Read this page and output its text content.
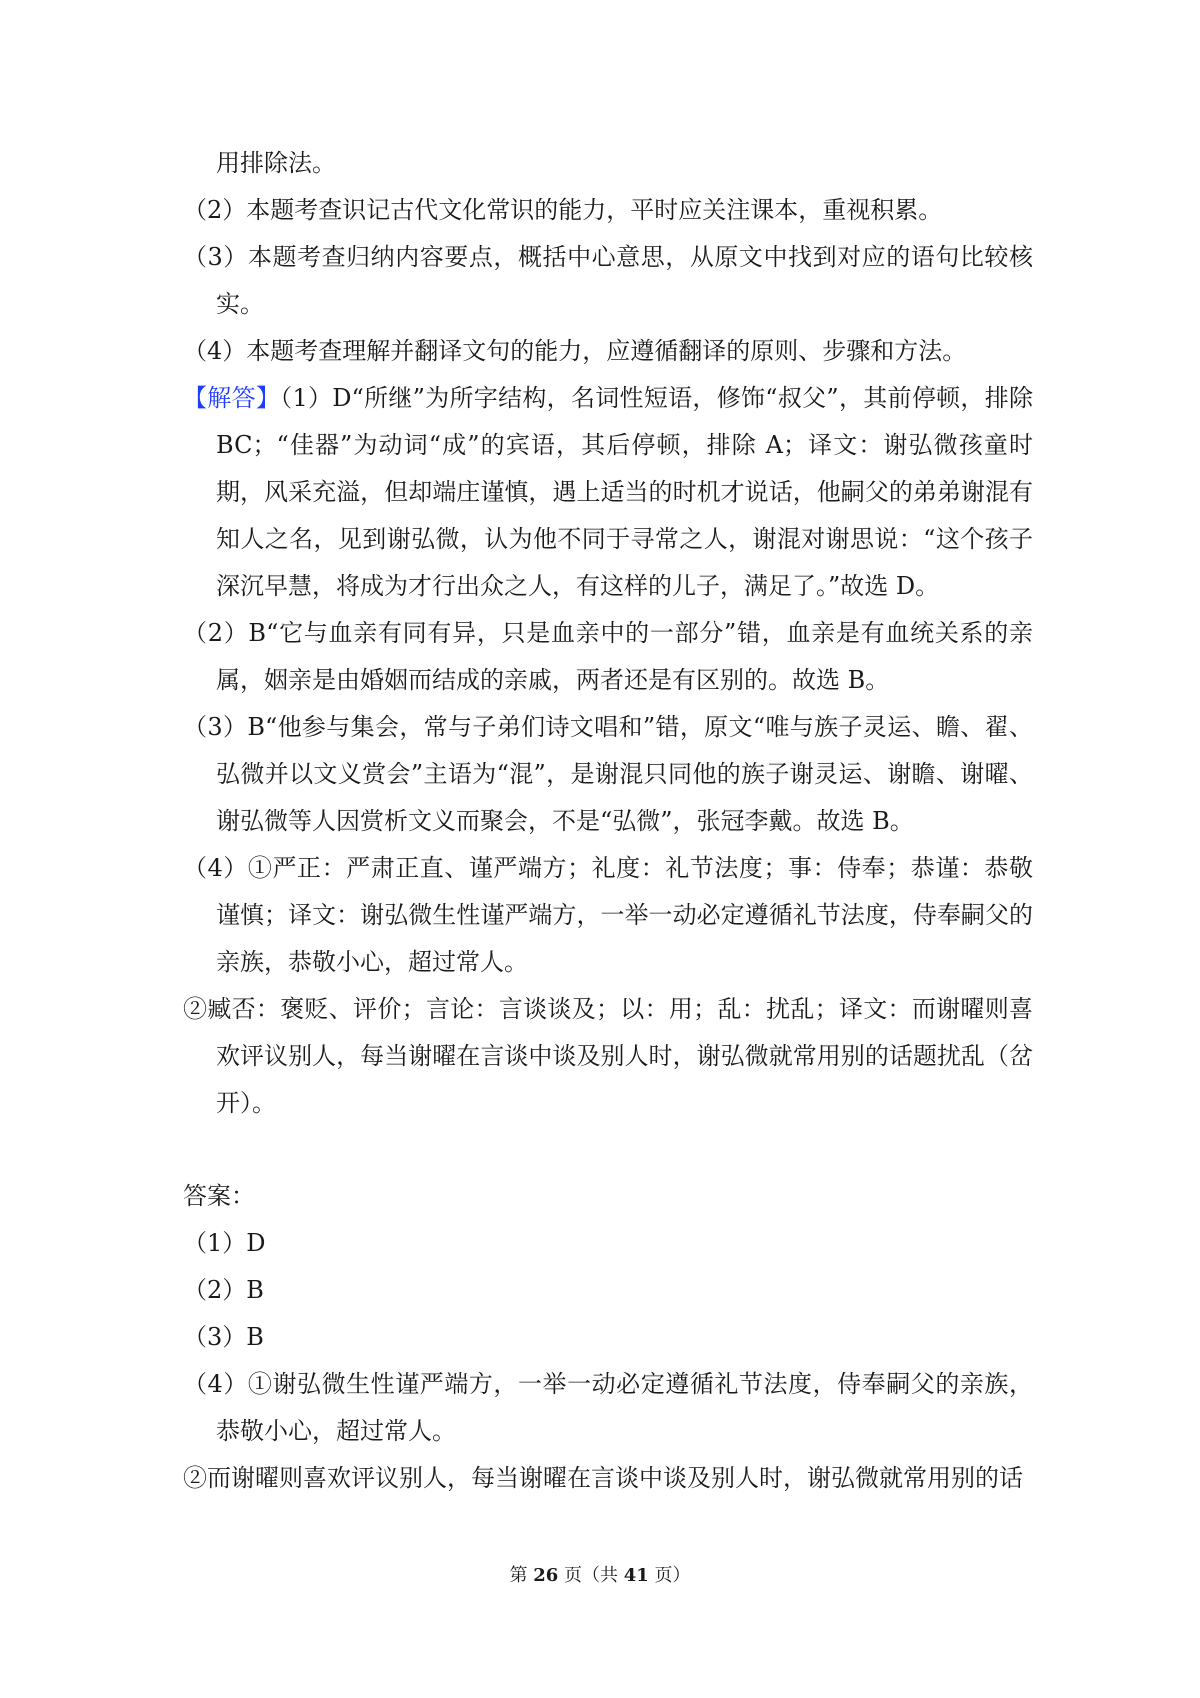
用排除法。

（2）本题考查识记古代文化常识的能力，平时应关注课本，重视积累。

（3）本题考查归纳内容要点，概括中心意思，从原文中找到对应的语句比较核实。

（4）本题考查理解并翻译文句的能力，应遵循翻译的原则、步骤和方法。

【解答】（1）D“所继”为所字结构，名词性短语，修饰“叔父”，其前停顿，排除BC；“佳器”为动词“成”的宾语，其后停顿，排除 A；译文：谢弘微孩童时期，风采充溢，但却端庄谨慎，遇上适当的时机才说话，他嗣父的弟弟谢混有知人之名，见到谢弘微，认为他不同于寻常之人，谢混对谢思说：“这个孩子深沉早慧，将成为才行出众之人，有这样的儿子，满足了。”故选 D。

（2）B“它与血亲有同有异，只是血亲中的一部分”错，血亲是有血统关系的亲属，姻亲是由婚姻而结成的亲戚，两者还是有区别的。故选 B。

（3）B“他参与集会，常与子弟们诗文唱和”错，原文“唯与族子灵运、瞻、翟、弘微并以文义赏会”主语为“混”，是谢混只同他的族子谢灵运、谢瞻、谢曜、谢弘微等人因赏析文义而聚会，不是“弘微”，张冠李戴。故选 B。

（4）①严正：严肃正直、谨严端方；礼度：礼节法度；事：侍奉；恭谨：恭敬谨慎；译文：谢弘微生性谨严端方，一举一动必定遵循礼节法度，侍奉嗣父的亲族，恭敬小心，超过常人。

②臧否：褒贬、评价；言论：言谈谈及；以：用；乱：扰乱；译文：而谢曜则喜欢评议别人，每当谢曜在言谈中谈及别人时，谢弘微就常用别的话题扰乱（岔开）。

答案：

（1）D

（2）B

（3）B

（4）①谢弘微生性谨严端方，一举一动必定遵循礼节法度，侍奉嗣父的亲族，恭敬小心，超过常人。

②而谢曜则喜欢评议别人，每当谢曜在言谈中谈及别人时，谢弘微就常用别的话

第 26 页（共 41 页）
